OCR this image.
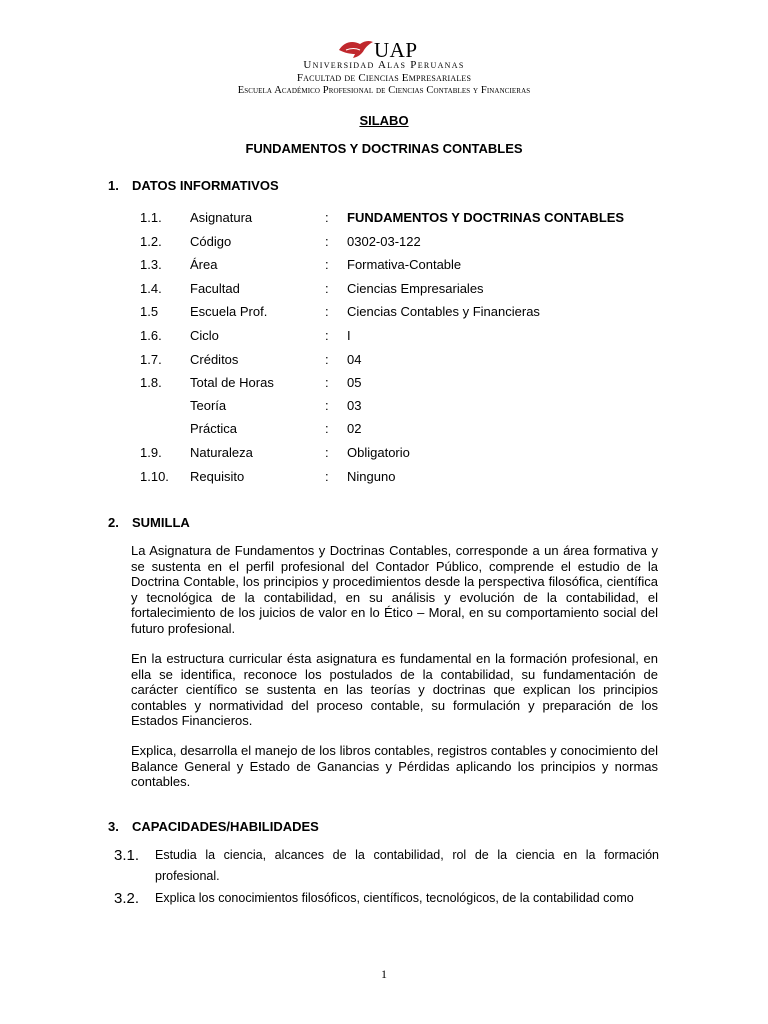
UAP
Universidad Alas Peruanas
Facultad de Ciencias Empresariales
Escuela Académico Profesional de Ciencias Contables y Financieras
SILABO
FUNDAMENTOS Y DOCTRINAS CONTABLES
1. DATOS INFORMATIVOS
1.1. Asignatura	: FUNDAMENTOS Y DOCTRINAS CONTABLES
1.2. Código	: 0302-03-122
1.3. Área	: Formativa-Contable
1.4. Facultad	: Ciencias Empresariales
1.5 Escuela Prof.	: Ciencias Contables y Financieras
1.6. Ciclo	: I
1.7. Créditos	: 04
1.8. Total de Horas	: 05
Teoría	: 03
Práctica	: 02
1.9. Naturaleza	: Obligatorio
1.10. Requisito	: Ninguno
2. SUMILLA
La Asignatura de Fundamentos y Doctrinas Contables, corresponde a un área formativa y se sustenta en el perfil profesional del Contador Público, comprende el estudio de la Doctrina Contable, los principios y procedimientos desde la perspectiva filosófica, científica y tecnológica de la contabilidad, en su análisis y evolución de la contabilidad, el fortalecimiento de los juicios de valor en lo Ético – Moral, en su comportamiento social del futuro profesional.
En la estructura curricular ésta asignatura es fundamental en la formación profesional, en ella se identifica, reconoce los postulados de la contabilidad, su fundamentación de carácter científico se sustenta en las teorías y doctrinas que explican los principios contables y normatividad del proceso contable, su formulación y preparación de los Estados Financieros.
Explica, desarrolla el manejo de los libros contables, registros contables y conocimiento del Balance General y Estado de Ganancias y Pérdidas aplicando los principios y normas contables.
3. CAPACIDADES/HABILIDADES
3.1. Estudia la ciencia, alcances de la contabilidad, rol de la ciencia en la formación profesional.
3.2. Explica los conocimientos filosóficos, científicos, tecnológicos, de la contabilidad como
1
